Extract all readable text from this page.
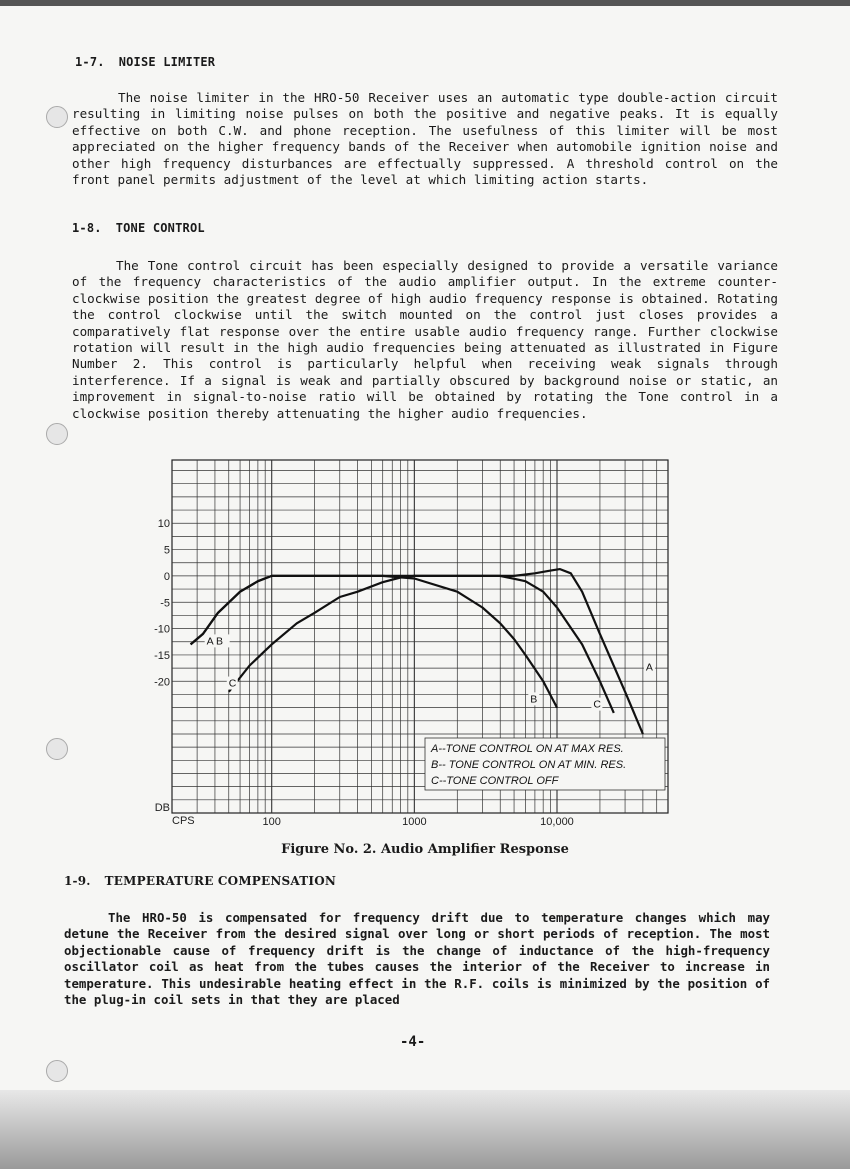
1-7. NOISE LIMITER

The noise limiter in the HRO-50 Receiver uses an automatic type double-action circuit resulting in limiting noise pulses on both the positive and negative peaks. It is equally effective on both C.W. and phone reception. The usefulness of this limiter will be most appreciated on the higher frequency bands of the Receiver when automobile ignition noise and other high frequency disturbances are effectually suppressed. A threshold control on the front panel permits adjustment of the level at which limiting action starts.

1-8. TONE CONTROL

The Tone control circuit has been especially designed to provide a versatile variance of the frequency characteristics of the audio amplifier output. In the extreme counter-clockwise position the greatest degree of high audio frequency response is obtained. Rotating the control clockwise until the switch mounted on the control just closes provides a comparatively flat response over the entire usable audio frequency range. Further clockwise rotation will result in the high audio frequencies being attenuated as illustrated in Figure Number 2. This control is particularly helpful when receiving weak signals through interference. If a signal is weak and partially obscured by background noise or static, an improvement in signal-to-noise ratio will be obtained by rotating the Tone control in a clockwise position thereby attenuating the higher audio frequencies.

10
5
0
-5
-10
-15
-20
DB
CPS	100	1000	10,000
A
B	C
C
A B
A--TONE CONTROL ON AT MAX RES.
B-- TONE CONTROL ON AT MIN. RES.
C--TONE CONTROL OFF
Figure No. 2. Audio Amplifier Response
1-9. TEMPERATURE COMPENSATION

The HRO-50 is compensated for frequency drift due to temperature changes which may detune the Receiver from the desired signal over long or short periods of reception. The most objectionable cause of frequency drift is the change of inductance of the high-frequency oscillator coil as heat from the tubes causes the interior of the Receiver to increase in temperature. This undesirable heating effect in the R.F. coils is minimized by the position of the plug-in coil sets in that they are placed

-4-
